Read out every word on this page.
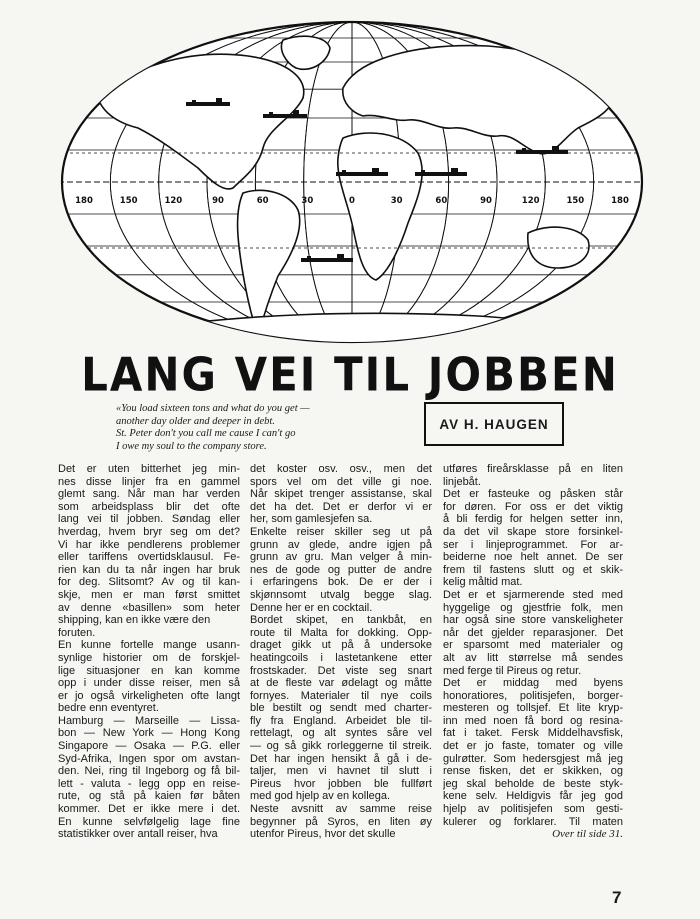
180	150	120	90	60	30	0	30	60	90	120	150	180
LANG VEI TIL JOBBEN
«You load sixteen tons and what do you get —
another day older and deeper in debt.
St. Peter don't you call me cause I can't go
I owe my soul to the company store.
AV H. HAUGEN
Det er uten bitterhet jeg min-
nes disse linjer fra en gammel
glemt sang. Når man har verden
som arbeidsplass blir det ofte
lang vei til jobben. Søndag eller
hverdag, hvem bryr seg om det?
Vi har ikke pendlerens problemer
eller tariffens overtidsklausul. Fe-
rien kan du ta når ingen har bruk
for deg. Slitsomt? Av og til kan-
skje, men er man først smittet
av denne «basillen» som heter
shipping, kan en ikke være den
foruten.
En kunne fortelle mange usann-
synlige historier om de forskjel-
lige situasjoner en kan komme
opp i under disse reiser, men så
er jo også virkeligheten ofte langt
bedre enn eventyret.
Hamburg — Marseille — Lissa-
bon — New York — Hong Kong
Singapore — Osaka — P.G. eller
Syd-Afrika, Ingen spor om avstan-
den. Nei, ring til Ingeborg og få bil-
lett - valuta - legg opp en reise-
rute, og stå på kaien før båten
kommer. Det er ikke mere i det.
En kunne selvfølgelig lage fine
statistikker over antall reiser, hva
det koster osv. osv., men det
spors vel om det ville gi noe.
Når skipet trenger assistanse, skal
det ha det. Det er derfor vi er
her, som gamlesjefen sa.
Enkelte reiser skiller seg ut på
grunn av glede, andre igjen på
grunn av gru. Man velger å min-
nes de gode og putter de andre
i erfaringens bok. De er der i
skjønnsomt utvalg begge slag.
Denne her er en cocktail.
Bordet skipet, en tankbåt, en
route til Malta for dokking. Opp-
draget gikk ut på å undersoke
heatingcoils i lastetankene etter
frostskader. Det viste seg snart
at de fleste var ødelagt og måtte
fornyes. Materialer til nye coils
ble bestilt og sendt med charter-
fly fra England. Arbeidet ble til-
rettelagt, og alt syntes såre vel
— og så gikk rorleggerne til streik.
Det har ingen hensikt å gå i de-
taljer, men vi havnet til slutt i
Pireus hvor jobben ble fullført
med god hjelp av en kollega.
Neste avsnitt av samme reise
begynner på Syros, en liten øy
utenfor Pireus, hvor det skulle
utføres fireårsklasse på en liten
linjebåt.
Det er fasteuke og påsken står
for døren. For oss er det viktig
å bli ferdig for helgen setter inn,
da det vil skape store forsinkel-
ser i linjeprogrammet. For ar-
beiderne noe helt annet. De ser
frem til fastens slutt og et skik-
kelig måltid mat.
Det er et sjarmerende sted med
hyggelige og gjestfrie folk, men
har også sine store vanskeligheter
når det gjelder reparasjoner. Det
er sparsomt med materialer og
alt av litt størrelse må sendes
med ferge til Pireus og retur.
Det er middag med byens
honoratiores, politisjefen, borger-
mesteren og tollsjef. Et lite kryp-
inn med noen få bord og resina-
fat i taket. Fersk Middelhavsfisk,
det er jo faste, tomater og ville
gulrøtter. Som hedersgjest må jeg
rense fisken, det er skikken, og
jeg skal beholde de beste styk-
kene selv. Heldigvis får jeg god
hjelp av politisjefen som gesti-
kulerer og forklarer. Til maten
Over til side 31.
7
